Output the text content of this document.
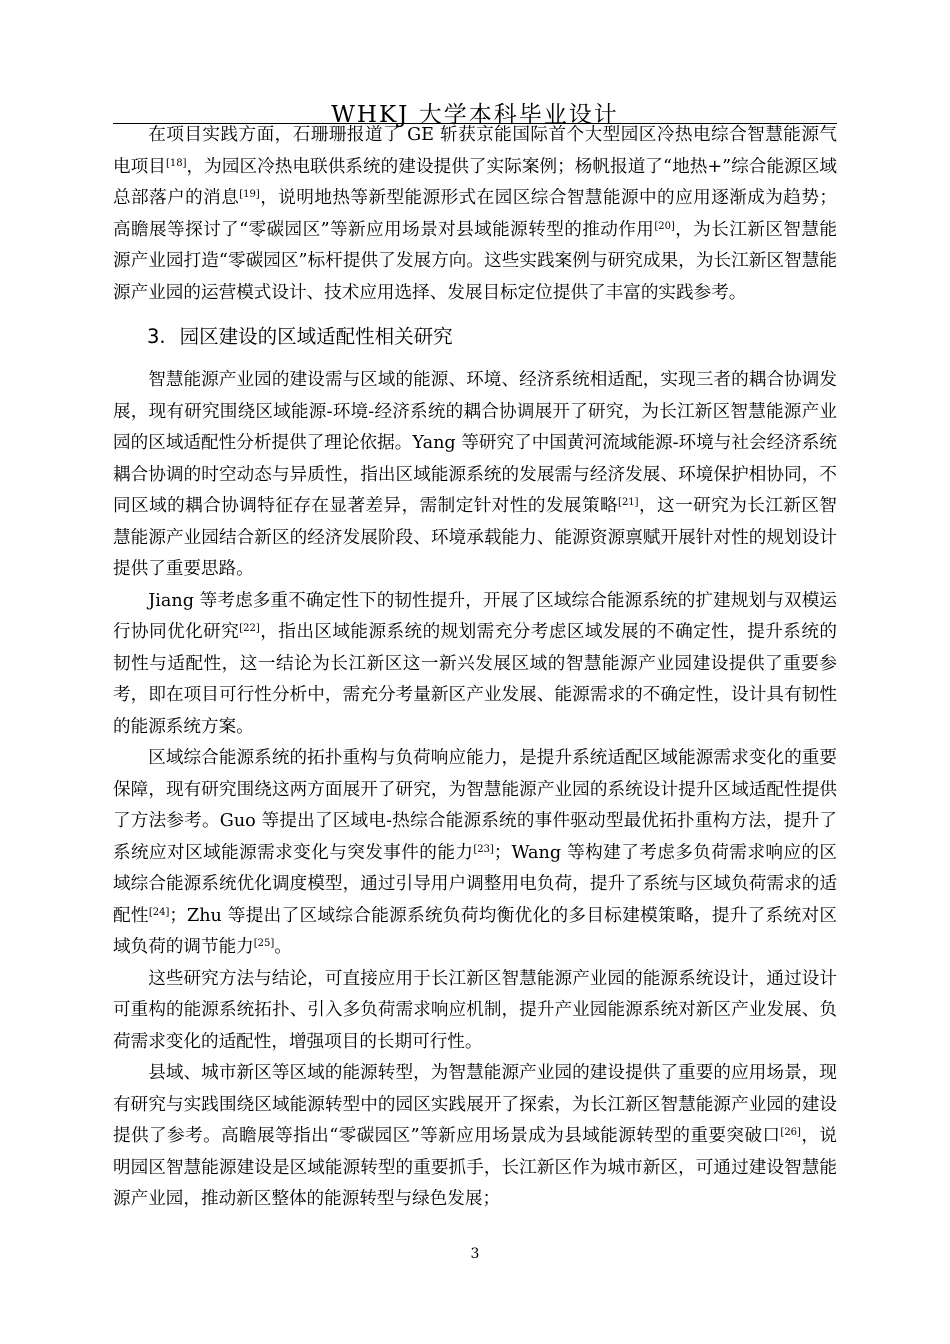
WHKJ 大学本科毕业设计

在项目实践方面，石珊珊报道了 GE 斩获京能国际首个大型园区冷热电综合智慧能源气电项目[18]，为园区冷热电联供系统的建设提供了实际案例；杨帆报道了“地热+”综合能源区域总部落户的消息[19]，说明地热等新型能源形式在园区综合智慧能源中的应用逐渐成为趋势；高瞻展等探讨了“零碳园区”等新应用场景对县域能源转型的推动作用[20]，为长江新区智慧能源产业园打造“零碳园区”标杆提供了发展方向。这些实践案例与研究成果，为长江新区智慧能源产业园的运营模式设计、技术应用选择、发展目标定位提供了丰富的实践参考。

3. 园区建设的区域适配性相关研究

智慧能源产业园的建设需与区域的能源、环境、经济系统相适配，实现三者的耦合协调发展，现有研究围绕区域能源-环境-经济系统的耦合协调展开了研究，为长江新区智慧能源产业园的区域适配性分析提供了理论依据。Yang 等研究了中国黄河流域能源-环境与社会经济系统耦合协调的时空动态与异质性，指出区域能源系统的发展需与经济发展、环境保护相协同，不同区域的耦合协调特征存在显著差异，需制定针对性的发展策略[21]，这一研究为长江新区智慧能源产业园结合新区的经济发展阶段、环境承载能力、能源资源禀赋开展针对性的规划设计提供了重要思路。

Jiang 等考虑多重不确定性下的韧性提升，开展了区域综合能源系统的扩建规划与双模运行协同优化研究[22]，指出区域能源系统的规划需充分考虑区域发展的不确定性，提升系统的韧性与适配性，这一结论为长江新区这一新兴发展区域的智慧能源产业园建设提供了重要参考，即在项目可行性分析中，需充分考量新区产业发展、能源需求的不确定性，设计具有韧性的能源系统方案。

区域综合能源系统的拓扑重构与负荷响应能力，是提升系统适配区域能源需求变化的重要保障，现有研究围绕这两方面展开了研究，为智慧能源产业园的系统设计提升区域适配性提供了方法参考。Guo 等提出了区域电-热综合能源系统的事件驱动型最优拓扑重构方法，提升了系统应对区域能源需求变化与突发事件的能力[23]；Wang 等构建了考虑多负荷需求响应的区域综合能源系统优化调度模型，通过引导用户调整用电负荷，提升了系统与区域负荷需求的适配性[24]；Zhu 等提出了区域综合能源系统负荷均衡优化的多目标建模策略，提升了系统对区域负荷的调节能力[25]。

这些研究方法与结论，可直接应用于长江新区智慧能源产业园的能源系统设计，通过设计可重构的能源系统拓扑、引入多负荷需求响应机制，提升产业园能源系统对新区产业发展、负荷需求变化的适配性，增强项目的长期可行性。

县域、城市新区等区域的能源转型，为智慧能源产业园的建设提供了重要的应用场景，现有研究与实践围绕区域能源转型中的园区实践展开了探索，为长江新区智慧能源产业园的建设提供了参考。高瞻展等指出“零碳园区”等新应用场景成为县域能源转型的重要突破口[26]，说明园区智慧能源建设是区域能源转型的重要抓手，长江新区作为城市新区，可通过建设智慧能源产业园，推动新区整体的能源转型与绿色发展；

3
